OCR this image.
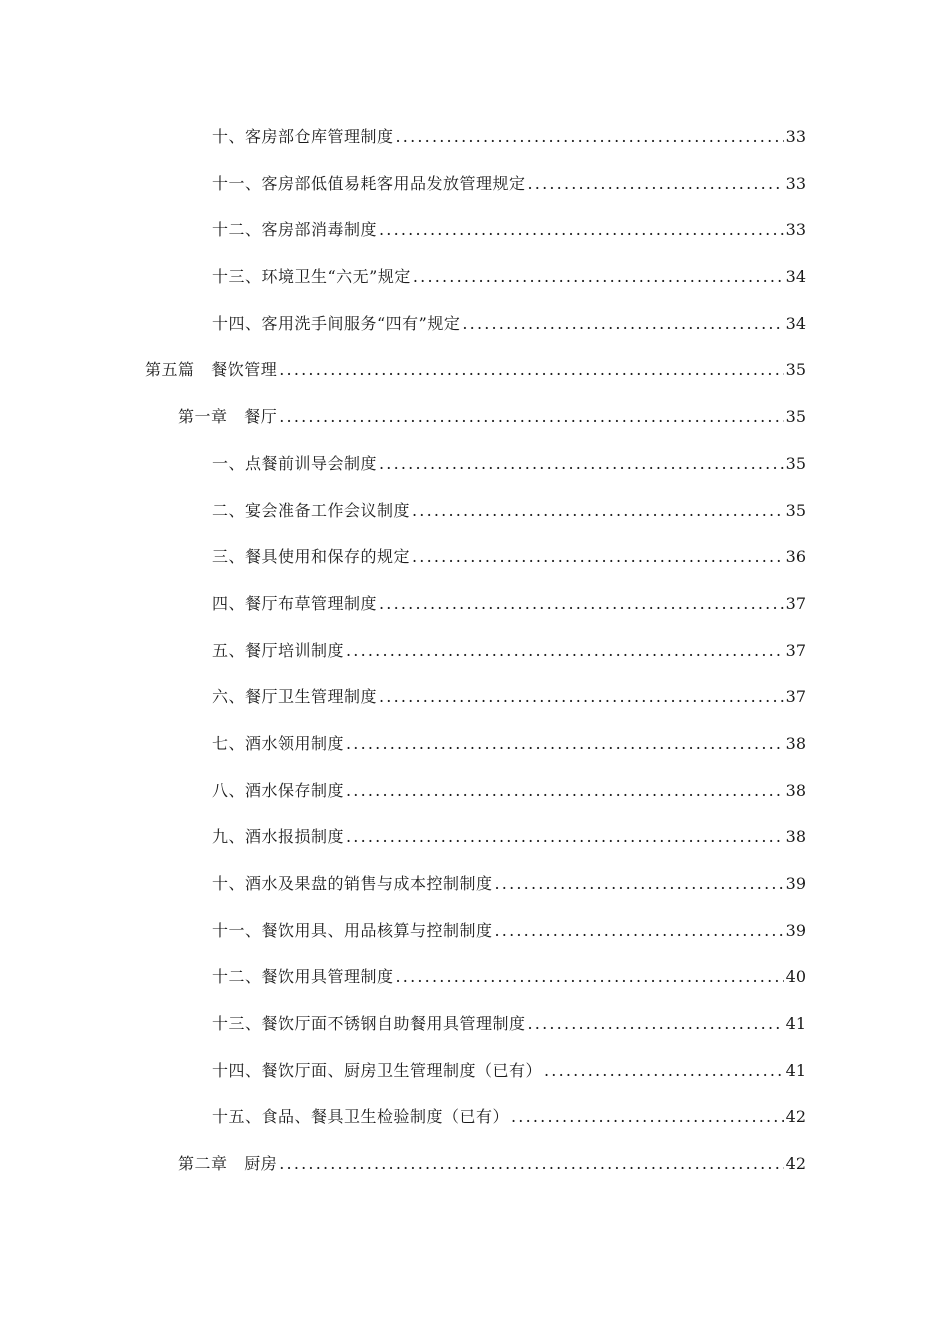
十、客房部仓库管理制度 .....	33
十一、客房部低值易耗客用品发放管理规定 .....	33
十二、客房部消毒制度 .....	33
十三、环境卫生“六无”规定 .....	34
十四、客用洗手间服务“四有”规定 .....	34
第五篇   餐饮管理 .....	35
第一章   餐厅 .....	35
一、点餐前训导会制度 .....	35
二、宴会准备工作会议制度 .....	35
三、餐具使用和保存的规定 .....	36
四、餐厅布草管理制度 .....	37
五、餐厅培训制度 .....	37
六、餐厅卫生管理制度 .....	37
七、酒水领用制度 .....	38
八、酒水保存制度 .....	38
九、酒水报损制度 .....	38
十、酒水及果盘的销售与成本控制制度 .....	39
十一、餐饮用具、用品核算与控制制度 .....	39
十二、餐饮用具管理制度 .....	40
十三、餐饮厅面不锈钢自助餐用具管理制度 .....	41
十四、餐饮厅面、厨房卫生管理制度（已有） .....	41
十五、食品、餐具卫生检验制度（已有） .....	42
第二章   厨房 .....	42
